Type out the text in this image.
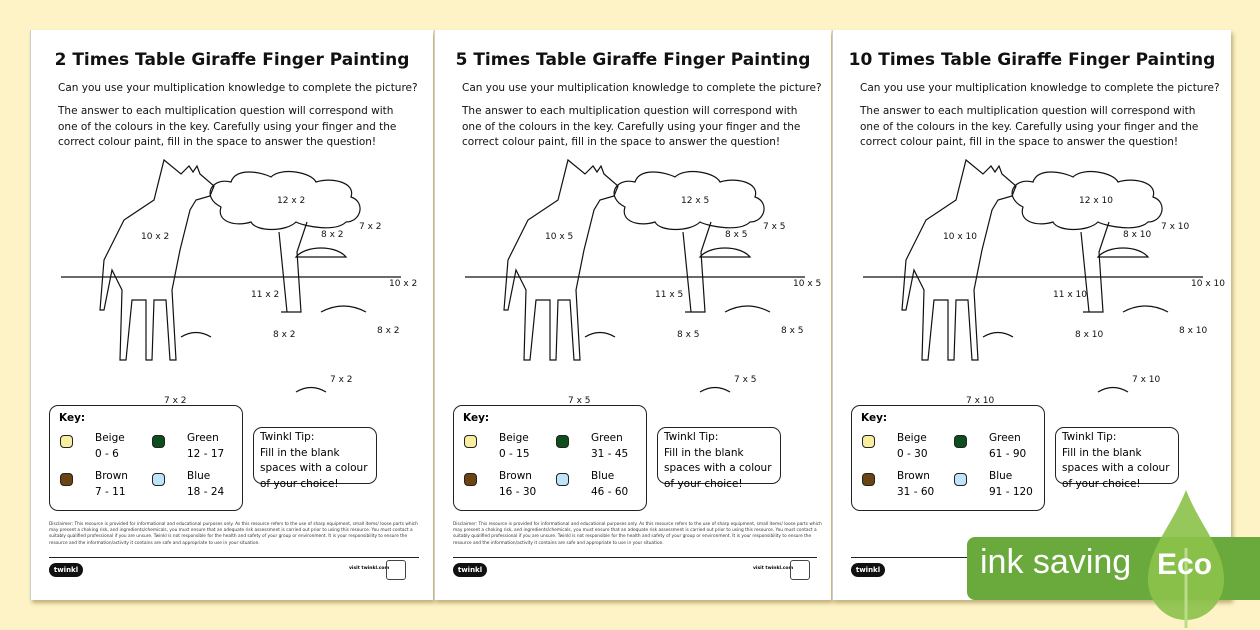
2 Times Table Giraffe Finger Painting
Can you use your multiplication knowledge to complete the picture?
The answer to each multiplication question will correspond with one of the colours in the key. Carefully using your finger and the correct colour paint, fill in the space to answer the question!
12 x 2
10 x 2	8 x 2
7 x 2
10 x 2
11 x 2
8 x 2	8 x 2
7 x 2
7 x 2
Key:
Beige
0 - 6
Green
12 - 17
Brown
7 - 11
Blue
18 - 24
Twinkl Tip:
Fill in the blank spaces with a colour of your choice!
Disclaimer: This resource is provided for informational and educational purposes only. As this resource refers to the use of sharp equipment, small items/ loose parts which may present a choking risk, and ingredients/chemicals, you must ensure that an adequate risk assessment is carried out prior to using this resource. You must contact a suitably qualified professional if you are unsure. Twinkl is not responsible for the health and safety of your group or environment. It is your responsibility to ensure the resource and the information/activity it contains are safe and appropriate to use in your situation.
visit twinkl.com
twinkl
5 Times Table Giraffe Finger Painting
Can you use your multiplication knowledge to complete the picture?
The answer to each multiplication question will correspond with one of the colours in the key. Carefully using your finger and the correct colour paint, fill in the space to answer the question!
12 x 5
10 x 5	8 x 5
7 x 5
10 x 5
11 x 5
8 x 5	8 x 5
7 x 5
7 x 5
Key:
Beige
0 - 15
Green
31 - 45
Brown
16 - 30
Blue
46 - 60
Twinkl Tip:
Fill in the blank spaces with a colour of your choice!
Disclaimer: This resource is provided for informational and educational purposes only. As this resource refers to the use of sharp equipment, small items/ loose parts which may present a choking risk, and ingredients/chemicals, you must ensure that an adequate risk assessment is carried out prior to using this resource. You must contact a suitably qualified professional if you are unsure. Twinkl is not responsible for the health and safety of your group or environment. It is your responsibility to ensure the resource and the information/activity it contains are safe and appropriate to use in your situation.
visit twinkl.com
twinkl
10 Times Table Giraffe Finger Painting
Can you use your multiplication knowledge to complete the picture?
The answer to each multiplication question will correspond with one of the colours in the key. Carefully using your finger and the correct colour paint, fill in the space to answer the question!
12 x 10
10 x 10	8 x 10
7 x 10
10 x 10
11 x 10
8 x 10	8 x 10
7 x 10
7 x 10
Key:
Beige
0 - 30
Green
61 - 90
Brown
31 - 60
Blue
91 - 120
Twinkl Tip:
Fill in the blank spaces with a colour of your choice!
twinkl	ink saving Eco
